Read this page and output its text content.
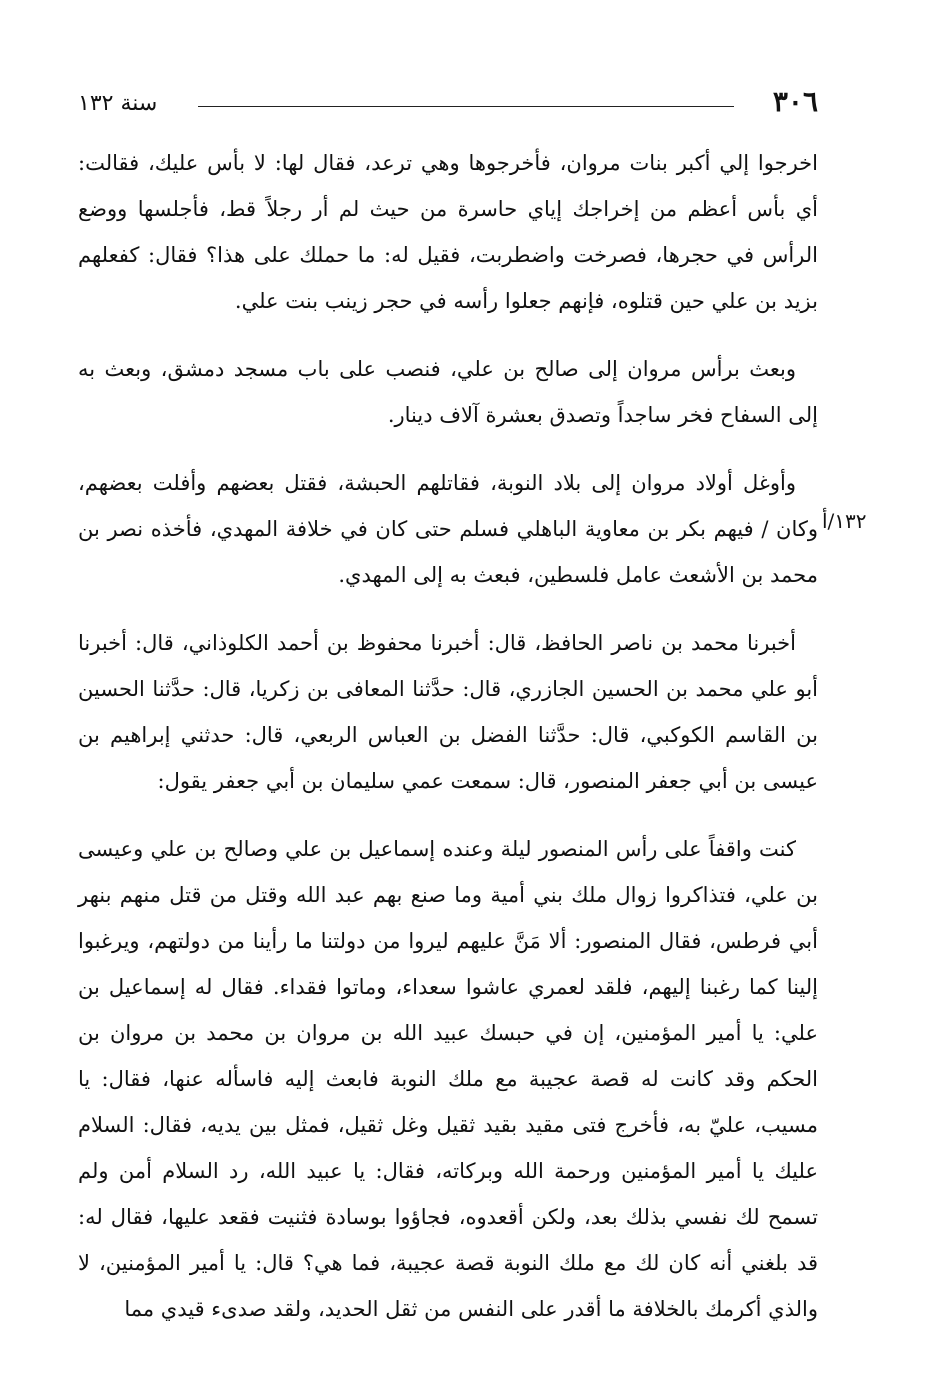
٣٠٦
سنة ١٣٢

اخرجوا إلي أكبر بنات مروان، فأخرجوها وهي ترعد، فقال لها: لا بأس عليك، فقالت: أي بأس أعظم من إخراجك إياي حاسرة من حيث لم أر رجلاً قط، فأجلسها ووضع الرأس في حجرها، فصرخت واضطربت، فقيل له: ما حملك على هذا؟ فقال: كفعلهم بزيد بن علي حين قتلوه، فإنهم جعلوا رأسه في حجر زينب بنت علي.

وبعث برأس مروان إلى صالح بن علي، فنصب على باب مسجد دمشق، وبعث به إلى السفاح فخر ساجداً وتصدق بعشرة آلاف دينار.

وأوغل أولاد مروان إلى بلاد النوبة، فقاتلهم الحبشة، فقتل بعضهم وأفلت بعضهم، وكان / فيهم بكر بن معاوية الباهلي فسلم حتى كان في خلافة المهدي، فأخذه نصر بن محمد بن الأشعث عامل فلسطين، فبعث به إلى المهدي.

أخبرنا محمد بن ناصر الحافظ، قال: أخبرنا محفوظ بن أحمد الكلوذاني، قال: أخبرنا أبو علي محمد بن الحسين الجازري، قال: حدَّثنا المعافى بن زكريا، قال: حدَّثنا الحسين بن القاسم الكوكبي، قال: حدَّثنا الفضل بن العباس الربعي، قال: حدثني إبراهيم بن عيسى بن أبي جعفر المنصور، قال: سمعت عمي سليمان بن أبي جعفر يقول:

كنت واقفاً على رأس المنصور ليلة وعنده إسماعيل بن علي وصالح بن علي وعيسى بن علي، فتذاكروا زوال ملك بني أمية وما صنع بهم عبد الله وقتل من قتل منهم بنهر أبي فرطس، فقال المنصور: ألا مَنَّ عليهم ليروا من دولتنا ما رأينا من دولتهم، ويرغبوا إلينا كما رغبنا إليهم، فلقد لعمري عاشوا سعداء، وماتوا فقداء. فقال له إسماعيل بن علي: يا أمير المؤمنين، إن في حبسك عبيد الله بن مروان بن محمد بن مروان بن الحكم وقد كانت له قصة عجيبة مع ملك النوبة فابعث إليه فاسأله عنها، فقال: يا مسيب، عليّ به، فأخرج فتى مقيد بقيد ثقيل وغل ثقيل، فمثل بين يديه، فقال: السلام عليك يا أمير المؤمنين ورحمة الله وبركاته، فقال: يا عبيد الله، رد السلام أمن ولم تسمح لك نفسي بذلك بعد، ولكن أقعدوه، فجاؤوا بوسادة فثنيت فقعد عليها، فقال له: قد بلغني أنه كان لك مع ملك النوبة قصة عجيبة، فما هي؟ قال: يا أمير المؤمنين، لا والذي أكرمك بالخلافة ما أقدر على النفس من ثقل الحديد، ولقد صدىء قيدي مما

١٣٢/أ
